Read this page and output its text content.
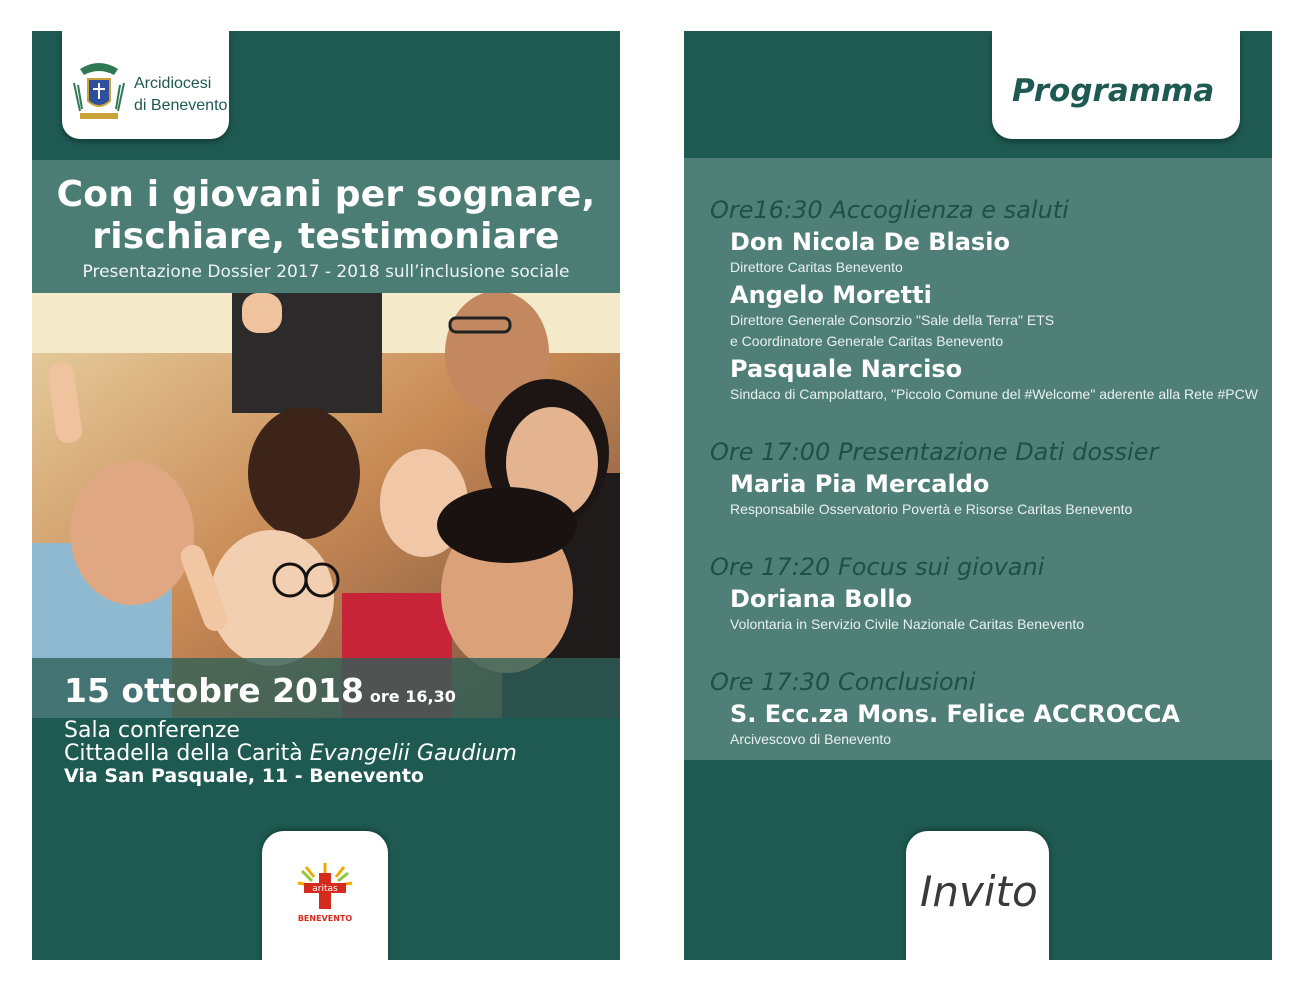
Arcidiocesi
di Benevento
Con i giovani per sognare,
rischiare, testimoniare
Presentazione Dossier 2017 - 2018 sull’inclusione sociale
15 ottobre 2018 ore 16,30
Sala conferenze
Cittadella della Carità Evangelii Gaudium
Via San Pasquale, 11 - Benevento
aritas
BENEVENTO
Programma
Ore16:30 Accoglienza e saluti
Don Nicola De Blasio
Direttore Caritas Benevento
Angelo Moretti
Direttore Generale Consorzio "Sale della Terra" ETS
e Coordinatore Generale Caritas Benevento
Pasquale Narciso
Sindaco di Campolattaro, "Piccolo Comune del #Welcome" aderente alla Rete #PCW
Ore 17:00 Presentazione Dati dossier
Maria Pia Mercaldo
Responsabile Osservatorio Povertà e Risorse Caritas Benevento
Ore 17:20 Focus sui giovani
Doriana Bollo
Volontaria in Servizio Civile Nazionale Caritas Benevento
Ore 17:30 Conclusioni
S. Ecc.za Mons. Felice ACCROCCA
Arcivescovo di Benevento
Invito
